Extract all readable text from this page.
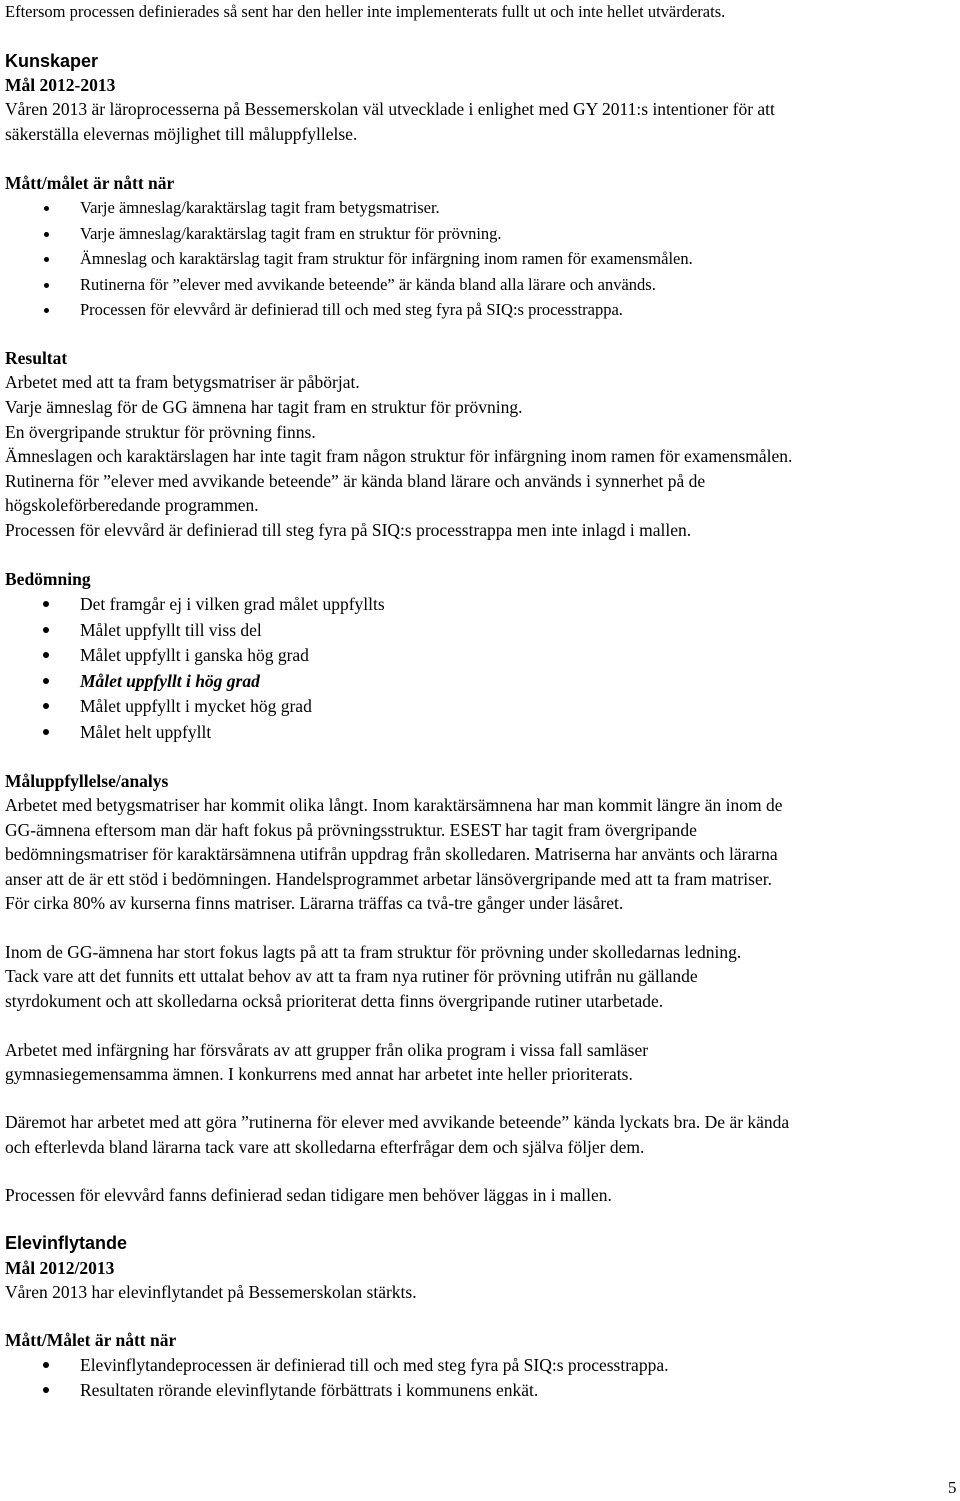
Eftersom processen definierades så sent har den heller inte implementerats fullt ut och inte hellet utvärderats.
Kunskaper
Mål 2012-2013
Våren 2013 är läroprocesserna på Bessemerskolan väl utvecklade i enlighet med GY 2011:s intentioner för att
säkerställa elevernas möjlighet till måluppfyllelse.
Mått/målet är nått när
Varje ämneslag/karaktärslag tagit fram betygsmatriser.
Varje ämneslag/karaktärslag tagit fram en struktur för prövning.
Ämneslag och karaktärslag tagit fram struktur för infärgning inom ramen för examensmålen.
Rutinerna för ”elever med avvikande beteende” är kända bland alla lärare och används.
Processen för elevvård är definierad till och med steg fyra på SIQ:s processtrappa.
Resultat
Arbetet med att ta fram betygsmatriser är påbörjat.
Varje ämneslag för de GG ämnena har tagit fram en struktur för prövning.
En övergripande struktur för prövning finns.
Ämneslagen och karaktärslagen har inte tagit fram någon struktur för infärgning inom ramen för examensmålen.
Rutinerna för ”elever med avvikande beteende” är kända bland lärare och används i synnerhet på de
högskoleförberedande programmen.
Processen för elevvård är definierad till steg fyra på SIQ:s processtrappa men inte inlagd i mallen.
Bedömning
Det framgår ej i vilken grad målet uppfyllts
Målet uppfyllt till viss del
Målet uppfyllt i ganska hög grad
Målet uppfyllt i hög grad
Målet uppfyllt i mycket hög grad
Målet helt uppfyllt
Måluppfyllelse/analys
Arbetet med betygsmatriser har kommit olika långt. Inom karaktärsämnena har man kommit längre än inom de
GG-ämnena eftersom man där haft fokus på prövningsstruktur. ESEST har tagit fram övergripande
bedömningsmatriser för karaktärsämnena utifrån uppdrag från skolledaren. Matriserna har använts och lärarna
anser att de är ett stöd i bedömningen. Handelsprogrammet arbetar länsövergripande med att ta fram matriser.
För cirka 80% av kurserna finns matriser. Lärarna träffas ca två-tre gånger under läsåret.
Inom de GG-ämnena har stort fokus lagts på att ta fram struktur för prövning under skolledarnas ledning.
Tack vare att det funnits ett uttalat behov av att ta fram nya rutiner för prövning utifrån nu gällande
styrdokument och att skolledarna också prioriterat detta finns övergripande rutiner utarbetade.
Arbetet med infärgning har försvårats av att grupper från olika program i vissa fall samläser
gymnasiegemensamma ämnen. I konkurrens med annat har arbetet inte heller prioriterats.
Däremot har arbetet med att göra ”rutinerna för elever med avvikande beteende” kända lyckats bra. De är kända
och efterlevda bland lärarna tack vare att skolledarna efterfrågar dem och själva följer dem.
Processen för elevvård fanns definierad sedan tidigare men behöver läggas in i mallen.
Elevinflytande
Mål 2012/2013
Våren 2013 har elevinflytandet på Bessemerskolan stärkts.
Mått/Målet är nått när
Elevinflytandeprocessen är definierad till och med steg fyra på SIQ:s processtrappa.
Resultaten rörande elevinflytande förbättrats i kommunens enkät.
5
